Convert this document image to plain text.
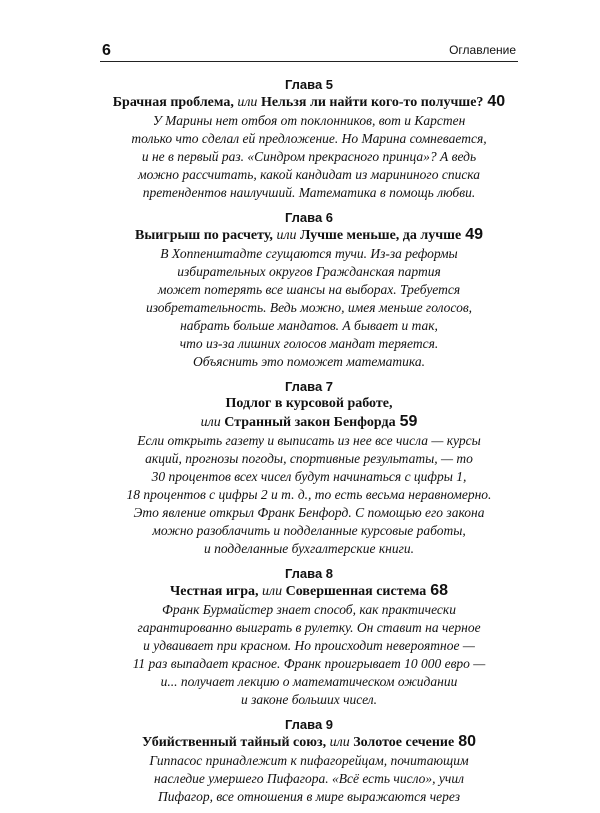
6	Оглавление
Глава 5
Брачная проблема, или Нельзя ли найти кого-то получше? 40
У Марины нет отбоя от поклонников, вот и Карстен
только что сделал ей предложение. Но Марина сомневается,
и не в первый раз. «Синдром прекрасного принца»? А ведь
можно рассчитать, какой кандидат из марининого списка
претендентов наилучший. Математика в помощь любви.
Глава 6
Выигрыш по расчету, или Лучше меньше, да лучше 49
В Хоппенштадте сгущаются тучи. Из-за реформы
избирательных округов Гражданская партия
может потерять все шансы на выборах. Требуется
изобретательность. Ведь можно, имея меньше голосов,
набрать больше мандатов. А бывает и так,
что из-за лишних голосов мандат теряется.
Объяснить это поможет математика.
Глава 7
Подлог в курсовой работе,
или Странный закон Бенфорда 59
Если открыть газету и выписать из нее все числа — курсы
акций, прогнозы погоды, спортивные результаты, — то
30 процентов всех чисел будут начинаться с цифры 1,
18 процентов с цифры 2 и т. д., то есть весьма неравномерно.
Это явление открыл Франк Бенфорд. С помощью его закона
можно разоблачить и подделанные курсовые работы,
и подделанные бухгалтерские книги.
Глава 8
Честная игра, или Совершенная система 68
Франк Бурмайстер знает способ, как практически
гарантированно выиграть в рулетку. Он ставит на черное
и удваивает при красном. Но происходит невероятное —
11 раз выпадает красное. Франк проигрывает 10 000 евро —
и... получает лекцию о математическом ожидании
и законе больших чисел.
Глава 9
Убийственный тайный союз, или Золотое сечение 80
Гиппасос принадлежит к пифагорейцам, почитающим
наследие умершего Пифагора. «Всё есть число», учил
Пифагор, все отношения в мире выражаются через
